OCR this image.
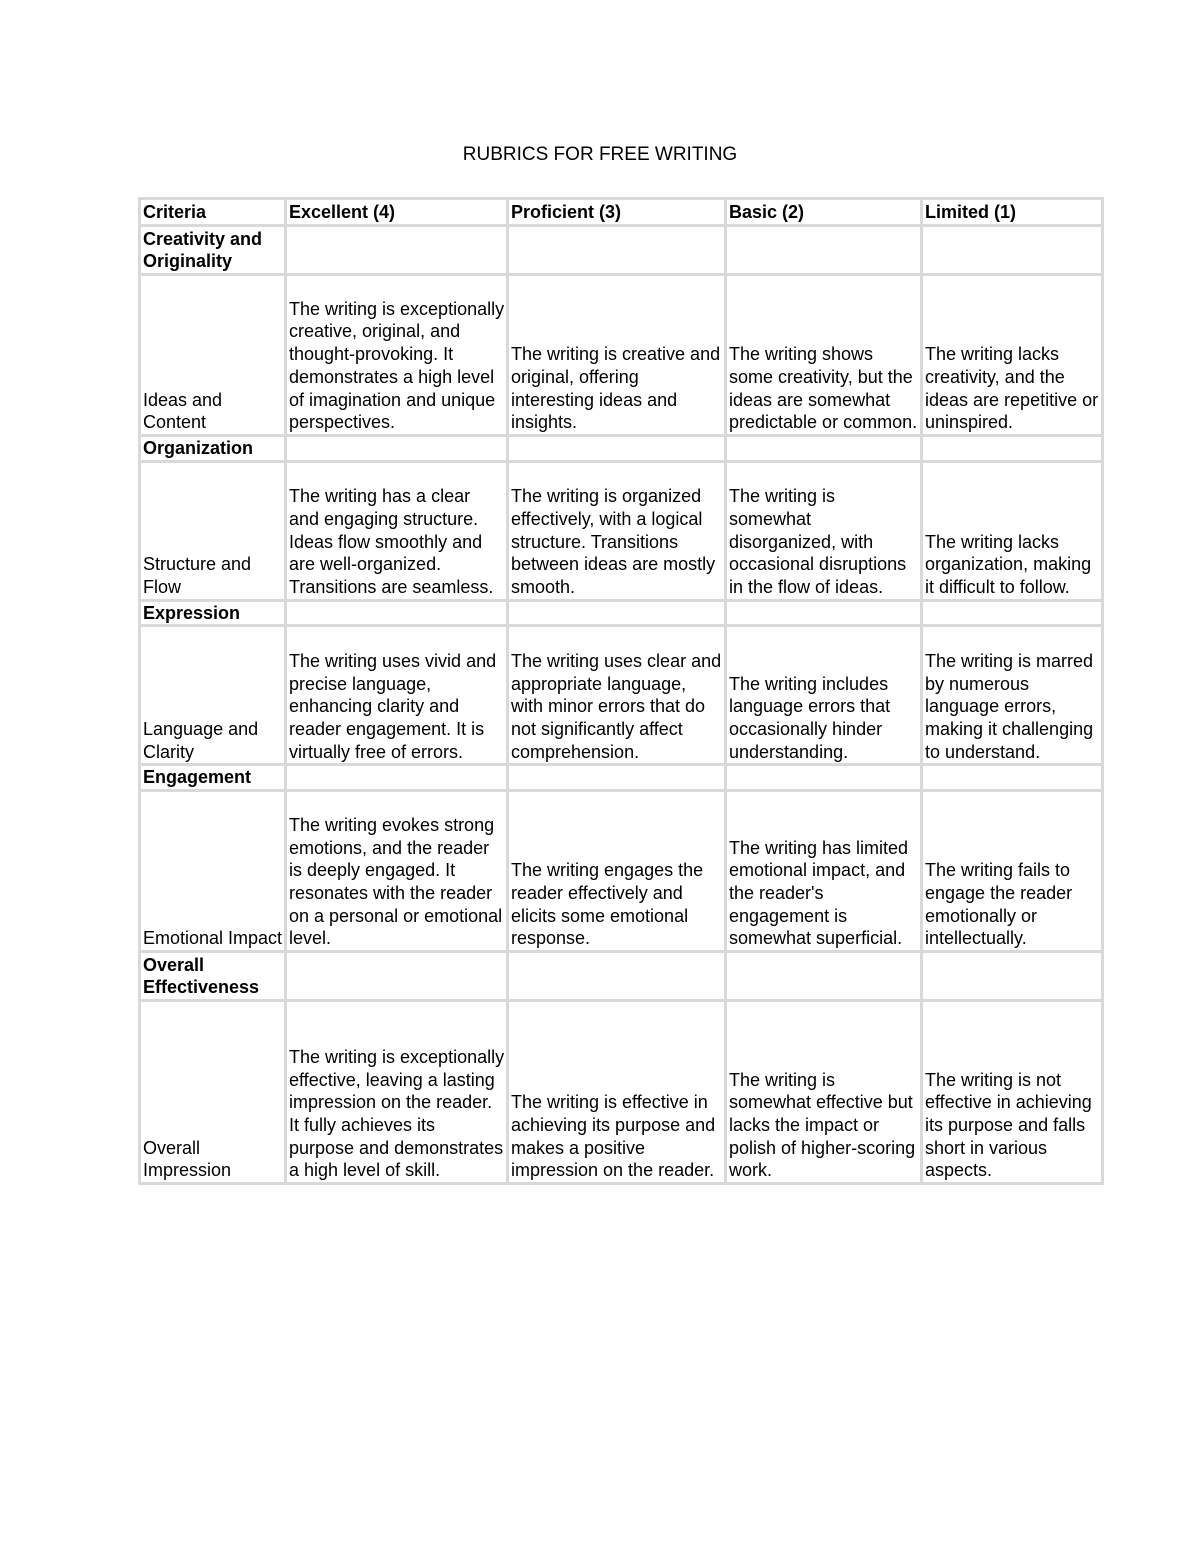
RUBRICS FOR FREE WRITING
Criteria	Excellent (4)	Proficient (3)	Basic (2)	Limited (1)
Creativity and Originality				
Ideas and Content	The writing is exceptionally creative, original, and thought-provoking. It demonstrates a high level of imagination and unique perspectives.	The writing is creative and original, offering interesting ideas and insights.	The writing shows some creativity, but the ideas are somewhat predictable or common.	The writing lacks creativity, and the ideas are repetitive or uninspired.
Organization				
Structure and Flow	The writing has a clear and engaging structure. Ideas flow smoothly and are well-organized. Transitions are seamless.	The writing is organized effectively, with a logical structure. Transitions between ideas are mostly smooth.	The writing is somewhat disorganized, with occasional disruptions in the flow of ideas.	The writing lacks organization, making it difficult to follow.
Expression				
Language and Clarity	The writing uses vivid and precise language, enhancing clarity and reader engagement. It is virtually free of errors.	The writing uses clear and appropriate language, with minor errors that do not significantly affect comprehension.	The writing includes language errors that occasionally hinder understanding.	The writing is marred by numerous language errors, making it challenging to understand.
Engagement				
Emotional Impact	The writing evokes strong emotions, and the reader is deeply engaged. It resonates with the reader on a personal or emotional level.	The writing engages the reader effectively and elicits some emotional response.	The writing has limited emotional impact, and the reader's engagement is somewhat superficial.	The writing fails to engage the reader emotionally or intellectually.
Overall Effectiveness				
Overall Impression	The writing is exceptionally effective, leaving a lasting impression on the reader. It fully achieves its purpose and demonstrates a high level of skill.	The writing is effective in achieving its purpose and makes a positive impression on the reader.	The writing is somewhat effective but lacks the impact or polish of higher-scoring work.	The writing is not effective in achieving its purpose and falls short in various aspects.
